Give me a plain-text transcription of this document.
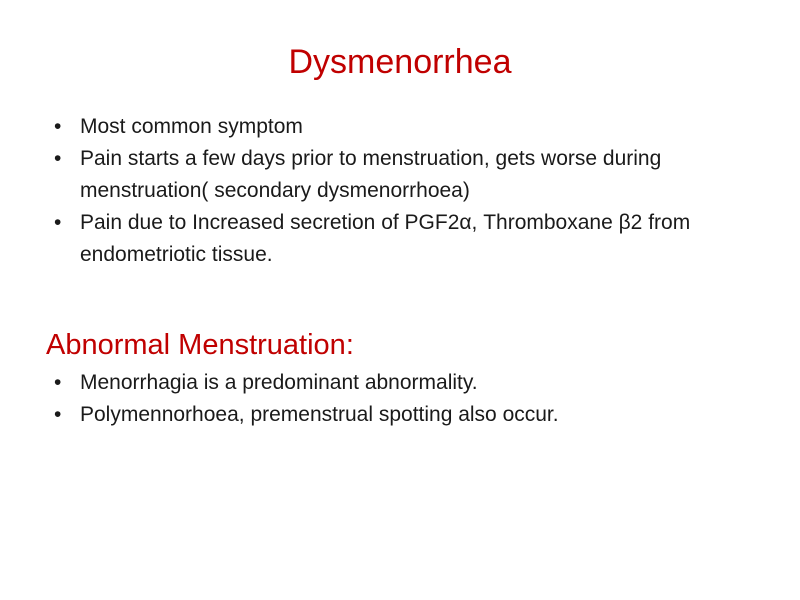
Dysmenorrhea
• Most common symptom
• Pain starts a few days prior to menstruation, gets worse during menstruation( secondary dysmenorrhoea)
• Pain due to Increased secretion of PGF2α, Thromboxane β2 from endometriotic tissue.
Abnormal Menstruation:
• Menorrhagia is a predominant abnormality.
• Polymennorhoea, premenstrual spotting also occur.
